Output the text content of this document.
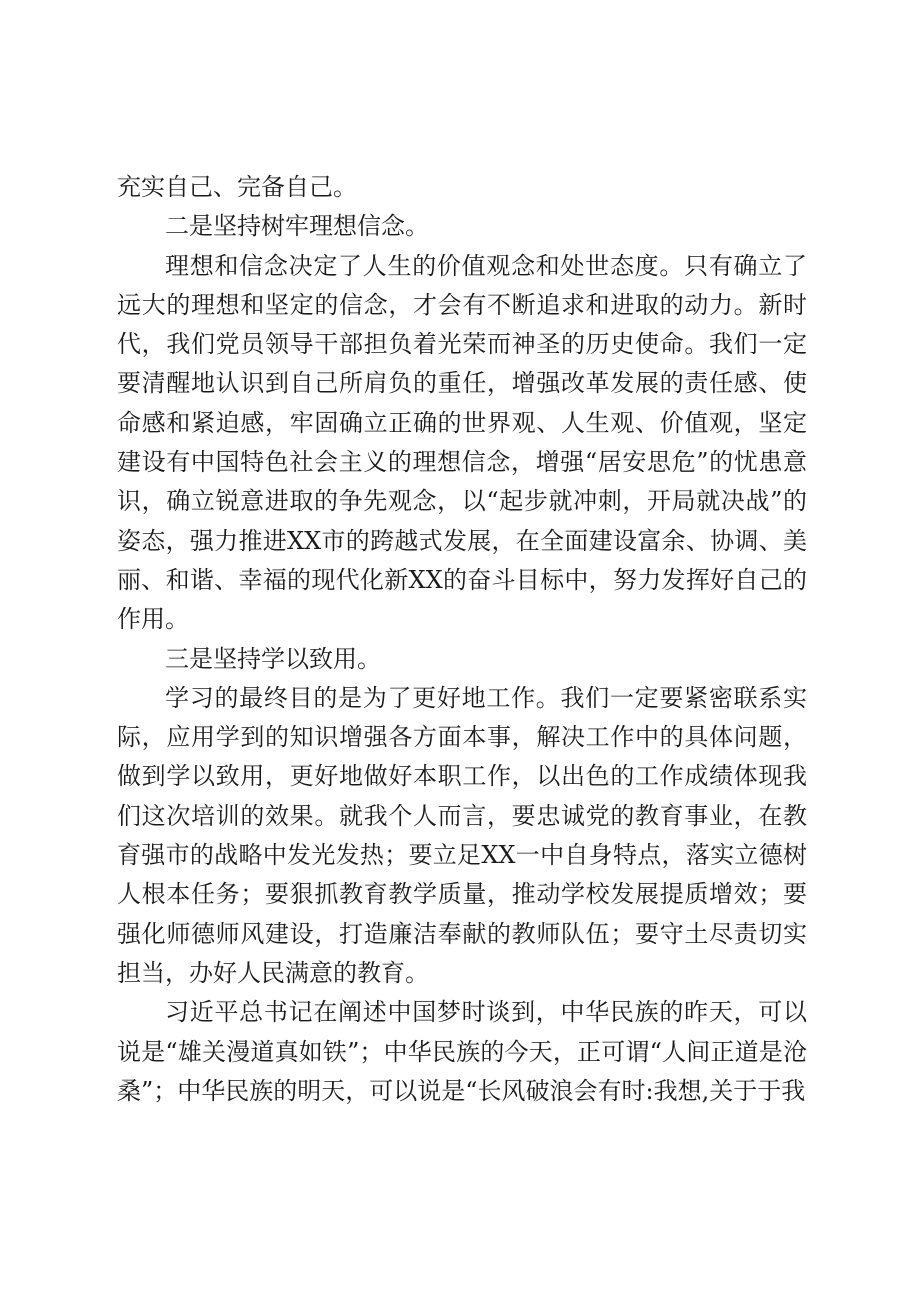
充实自己、完备自己。

二是坚持树牢理想信念。

理想和信念决定了人生的价值观念和处世态度。只有确立了远大的理想和坚定的信念，才会有不断追求和进取的动力。新时代，我们党员领导干部担负着光荣而神圣的历史使命。我们一定要清醒地认识到自己所肩负的重任，增强改革发展的责任感、使命感和紧迫感，牢固确立正确的世界观、人生观、价值观，坚定建设有中国特色社会主义的理想信念，增强“居安思危”的忧患意识，确立锐意进取的争先观念，以“起步就冲刺，开局就决战”的姿态，强力推进XX市的跨越式发展，在全面建设富余、协调、美丽、和谐、幸福的现代化新XX的奋斗目标中，努力发挥好自己的作用。

三是坚持学以致用。

学习的最终目的是为了更好地工作。我们一定要紧密联系实际，应用学到的知识增强各方面本事，解决工作中的具体问题，做到学以致用，更好地做好本职工作，以出色的工作成绩体现我们这次培训的效果。就我个人而言，要忠诚党的教育事业，在教育强市的战略中发光发热；要立足XX一中自身特点，落实立德树人根本任务；要狠抓教育教学质量，推动学校发展提质增效；要强化师德师风建设，打造廉洁奉献的教师队伍；要守土尽责切实担当，办好人民满意的教育。

习近平总书记在阐述中国梦时谈到，中华民族的昨天，可以说是“雄关漫道真如铁”；中华民族的今天，正可谓“人间正道是沧桑”；中华民族的明天，可以说是“长风破浪会有时:我想,关于于我
